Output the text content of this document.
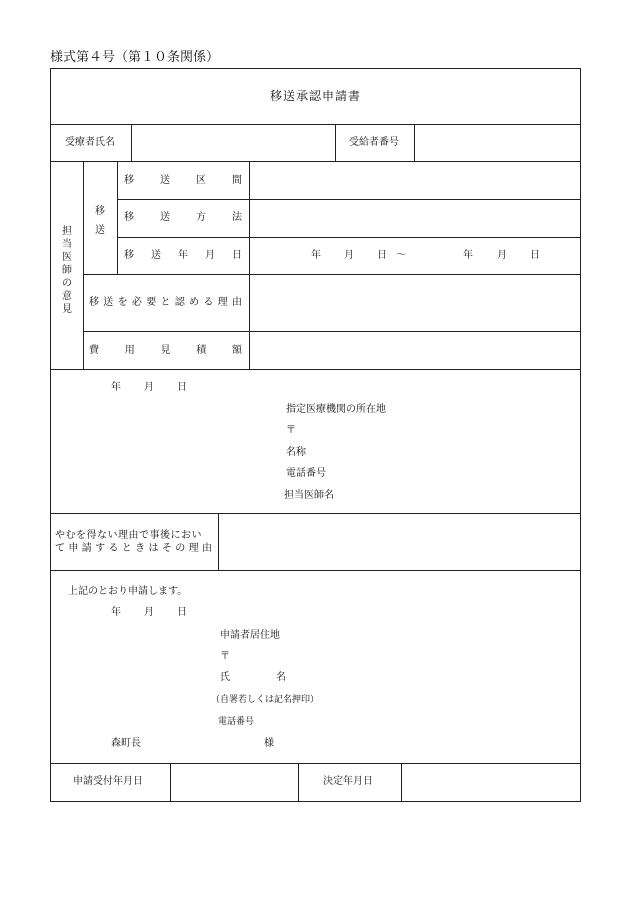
様式第４号（第１０条関係）
移送承認申請書
受療者氏名	受給者番号
担当医師の意見
移送
移	送	区	間
移	送	方	法
移 送 年 月 日	年 月 日 〜	年 月 日
移 送 を 必 要 と 認 め る 理 由
費	用	見	積	額
年 月 日
指定医療機関の所在地
〒
名称
電話番号
担当医師名
やむを得ない理由で事後におい
て 申 請 す る と き は そ の 理 由
上記のとおり申請します。
年 月 日
申請者居住地
〒
氏	名
（自署若しくは記名押印）
電話番号
森町長	様
申請受付年月日	決定年月日
